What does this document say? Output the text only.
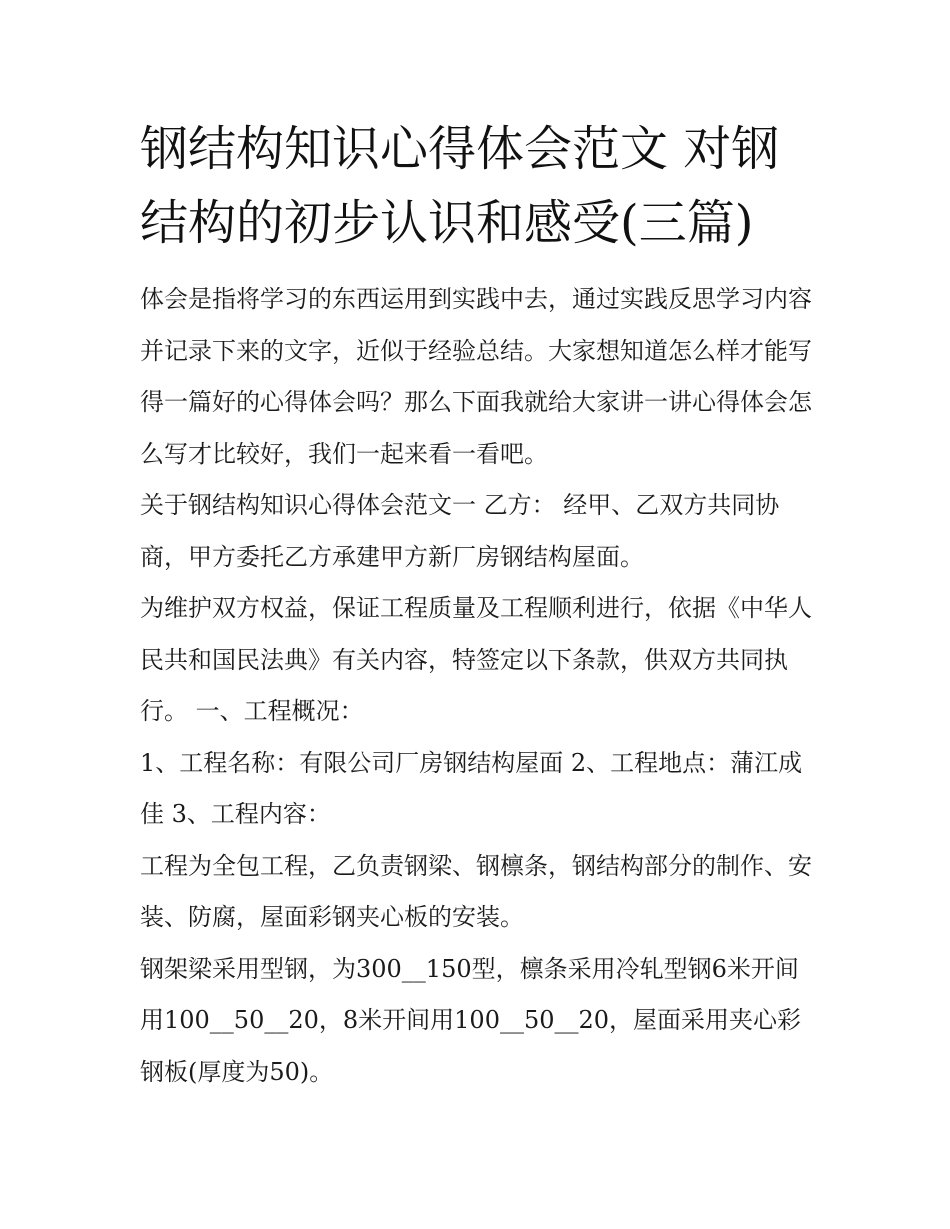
钢结构知识心得体会范文 对钢结构的初步认识和感受(三篇)

体会是指将学习的东西运用到实践中去，通过实践反思学习内容并记录下来的文字，近似于经验总结。大家想知道怎么样才能写得一篇好的心得体会吗？那么下面我就给大家讲一讲心得体会怎么写才比较好，我们一起来看一看吧。

关于钢结构知识心得体会范文一 乙方： 经甲、乙双方共同协商，甲方委托乙方承建甲方新厂房钢结构屋面。

为维护双方权益，保证工程质量及工程顺利进行，依据《中华人民共和国民法典》有关内容，特签定以下条款，供双方共同执行。 一、工程概况：

1、工程名称：有限公司厂房钢结构屋面 2、工程地点：蒲江成佳 3、工程内容：

工程为全包工程，乙负责钢梁、钢檩条，钢结构部分的制作、安装、防腐，屋面彩钢夹心板的安装。

钢架梁采用型钢，为300__150型，檩条采用冷轧型钢6米开间用100__50__20，8米开间用100__50__20，屋面采用夹心彩钢板(厚度为50)。
